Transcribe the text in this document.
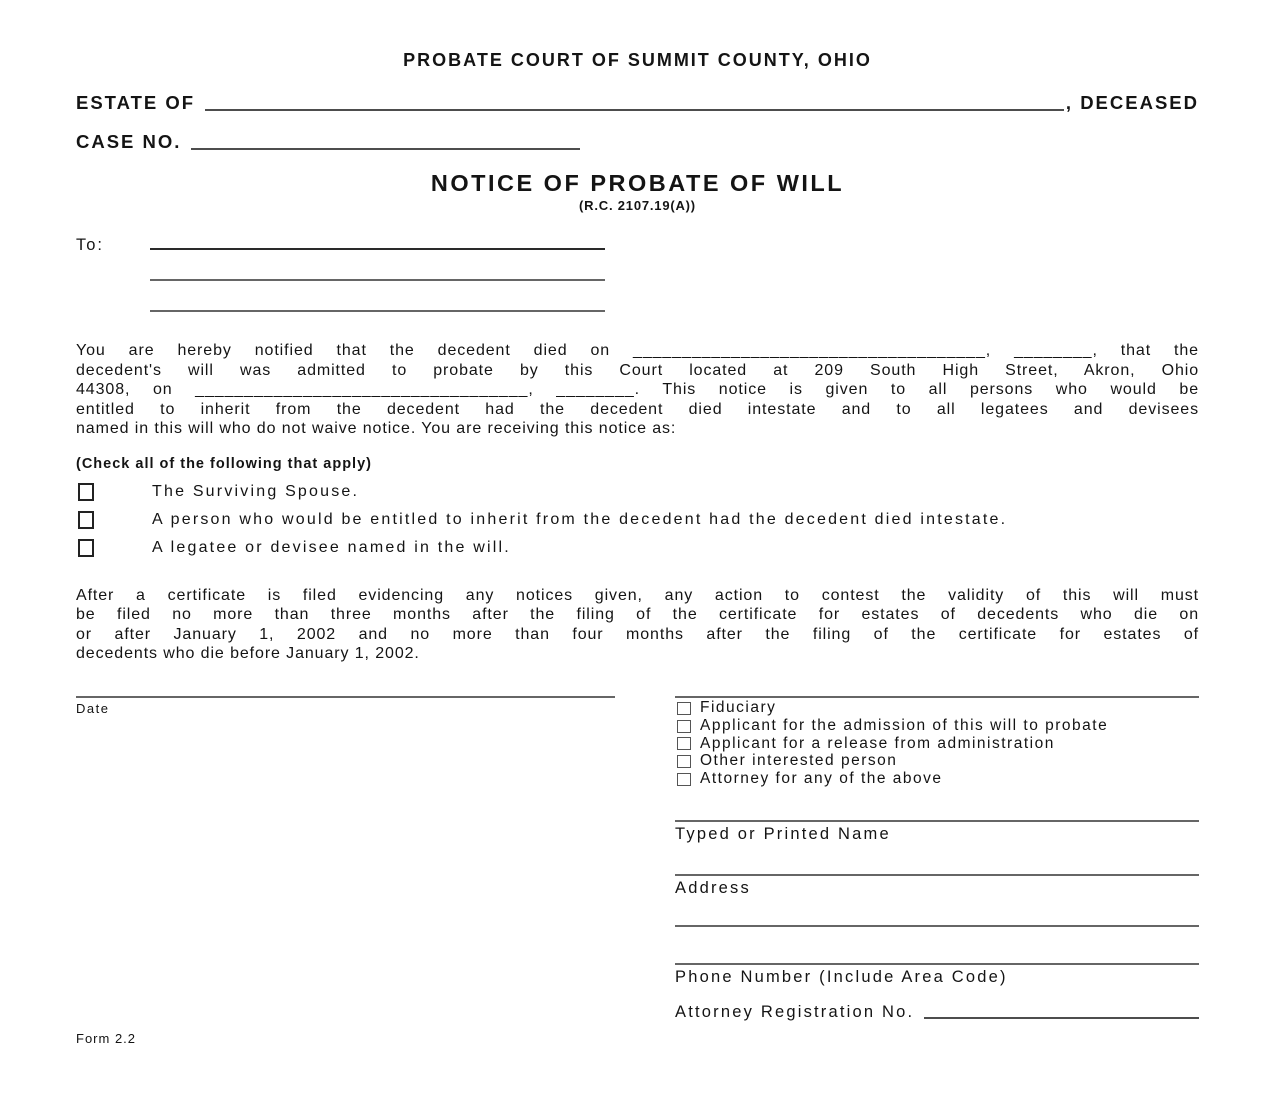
PROBATE COURT OF SUMMIT COUNTY, OHIO
ESTATE OF	, DECEASED
CASE NO.
NOTICE OF PROBATE OF WILL
(R.C. 2107.19(A))
To:
You are hereby notified that the decedent died on ____________________________________, ________, that the
decedent's will was admitted to probate by this Court located at 209 South High Street, Akron, Ohio
44308, on __________________________________, ________. This notice is given to all persons who would be
entitled to inherit from the decedent had the decedent died intestate and to all legatees and devisees
named in this will who do not waive notice. You are receiving this notice as:
(Check all of the following that apply)
The Surviving Spouse.
A person who would be entitled to inherit from the decedent had the decedent died intestate.
A legatee or devisee named in the will.
After a certificate is filed evidencing any notices given, any action to contest the validity of this will must
be filed no more than three months after the filing of the certificate for estates of decedents who die on
or after January 1, 2002 and no more than four months after the filing of the certificate for estates of
decedents who die before January 1, 2002.
Date	Fiduciary
Applicant for the admission of this will to probate
Applicant for a release from administration
Other interested person
Attorney for any of the above
Typed or Printed Name
Address
Phone Number (Include Area Code)
Attorney Registration No.
Form 2.2
